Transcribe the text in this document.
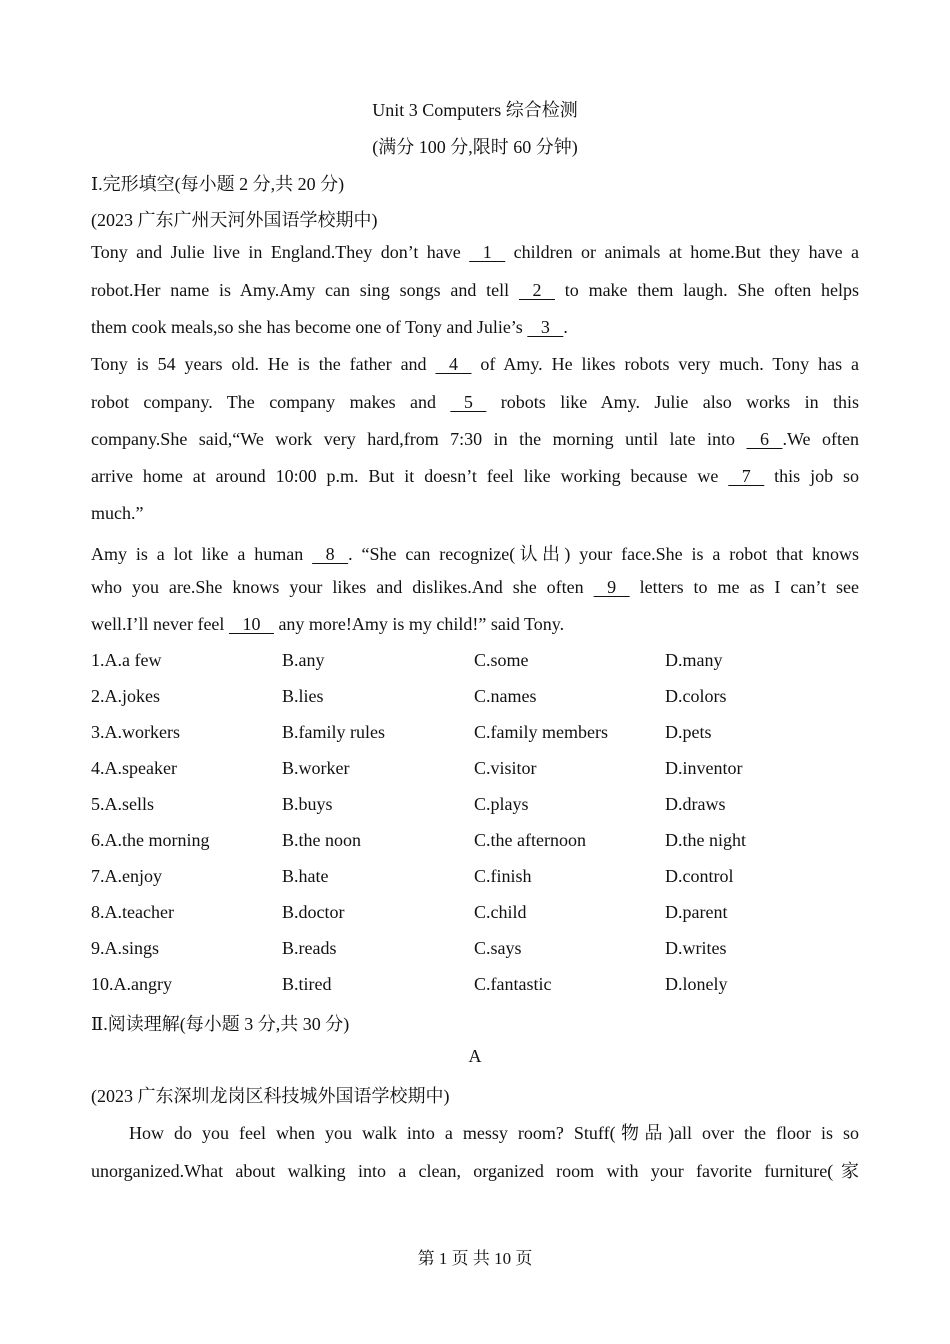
Unit 3 Computers 综合检测
(满分 100 分,限时 60 分钟)
Ⅰ.完形填空(每小题 2 分,共 20 分)
(2023 广东广州天河外国语学校期中)
Tony and Julie live in England.They don’t have    1    children or animals at home.But they have a
robot.Her name is Amy.Amy can sing songs and tell    2    to make them laugh. She often helps
them cook meals,so she has become one of Tony and Julie’s    3   .
Tony is 54 years old. He is the father and    4    of Amy. He likes robots very much. Tony has a
robot company. The company makes and    5    robots like Amy. Julie also works in this
company.She said,“We work very hard,from 7:30 in the morning until late into    6   .We often
arrive home at around 10:00 p.m. But it doesn’t feel like working because we    7    this job so
much.”
Amy is a lot like a human    8   . “She can recognize(认出) your face.She is a robot that knows
who you are.She knows your likes and dislikes.And she often    9    letters to me as I can’t see
well.I’ll never feel    10    any more!Amy is my child!” said Tony.
1.A.a few	B.any	C.some	D.many
2.A.jokes	B.lies	C.names	D.colors
3.A.workers	B.family rules	C.family members	D.pets
4.A.speaker	B.worker	C.visitor	D.inventor
5.A.sells	B.buys	C.plays	D.draws
6.A.the morning	B.the noon	C.the afternoon	D.the night
7.A.enjoy	B.hate	C.finish	D.control
8.A.teacher	B.doctor	C.child	D.parent
9.A.sings	B.reads	C.says	D.writes
10.A.angry	B.tired	C.fantastic	D.lonely
Ⅱ.阅读理解(每小题 3 分,共 30 分)
A
(2023 广东深圳龙岗区科技城外国语学校期中)
How do you feel when you walk into a messy room? Stuff(物品)all over the floor is so
unorganized.What about walking into a clean, organized room with your favorite furniture(家
第 1 页 共 10 页
